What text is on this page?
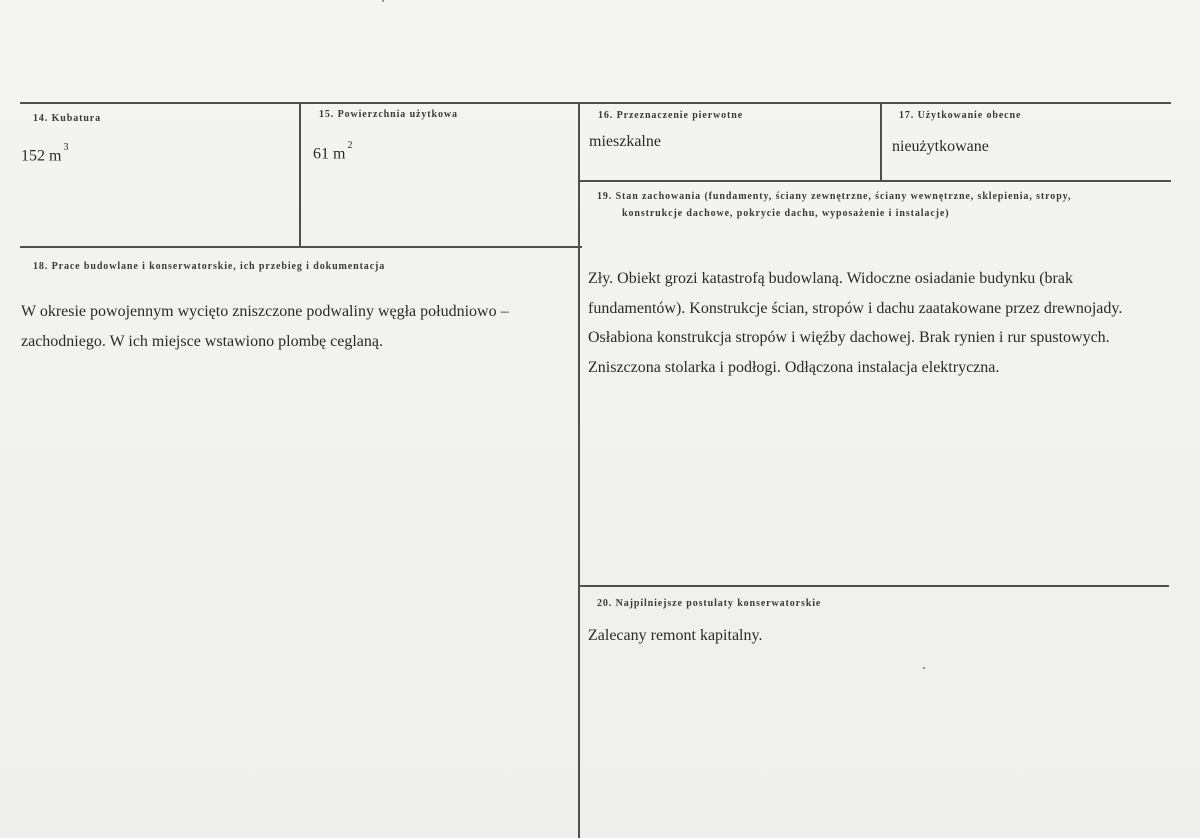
14. Kubatura
152 m $^3$
15. Powierzchnia użytkowa
61 m $^2$
16. Przeznaczenie pierwotne
mieszkalne
17. Użytkowanie obecne
nieużytkowane
18. Prace budowlane i konserwatorskie, ich przebieg i dokumentacja
W okresie powojennym wycięto zniszczone podwaliny węgła południowo –
zachodniego. W ich miejsce wstawiono plombę ceglaną.
19. Stan zachowania (fundamenty, ściany zewnętrzne, ściany wewnętrzne, sklepienia, stropy,
konstrukcje dachowe, pokrycie dachu, wyposażenie i instalacje)
Zły. Obiekt grozi katastrofą budowlaną. Widoczne osiadanie budynku (brak
fundamentów). Konstrukcje ścian, stropów i dachu zaatakowane przez drewnojady.
Osłabiona konstrukcja stropów i więźby dachowej. Brak rynien i rur spustowych.
Zniszczona stolarka i podłogi. Odłączona instalacja elektryczna.
20. Najpilniejsze postulaty konserwatorskie
Zalecany remont kapitalny.
